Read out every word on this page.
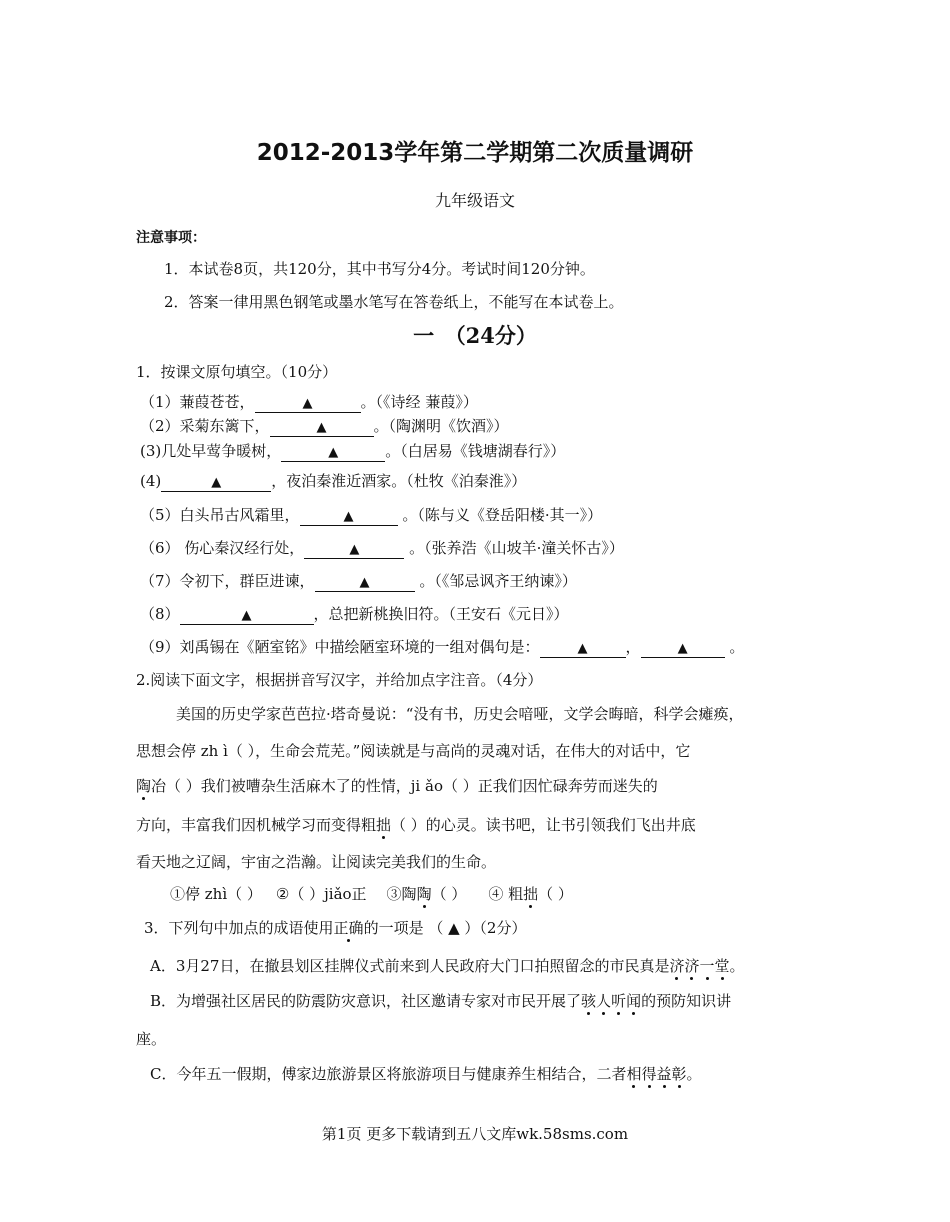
2012-2013学年第二学期第二次质量调研
九年级语文
注意事项：
1．本试卷8页，共120分，其中书写分4分。考试时间120分钟。
2．答案一律用黑色钢笔或墨水笔写在答卷纸上，不能写在本试卷上。
一　（24分）
1．按课文原句填空。（10分）
（1）蒹葭苍苍，	▲	。（《诗经 蒹葭》）
（2）采菊东篱下，	▲	。（陶渊明《饮酒》）
(3)几处早莺争暖树，	▲	。（白居易《钱塘湖春行》）
(4)	▲	，夜泊秦淮近酒家。（杜牧《泊秦淮》）
（5）白头吊古风霜里，	▲	。（陈与义《登岳阳楼·其一》）
（6） 伤心秦汉经行处，	▲	。（张养浩《山坡羊·潼关怀古》）
（7）令初下，群臣进谏，	▲	。（《邹忌讽齐王纳谏》）
（8）	▲	，总把新桃换旧符。（王安石《元日》）
（9）刘禹锡在《陋室铭》中描绘陋室环境的一组对偶句是：	▲	，	▲ 。
2.阅读下面文字，根据拼音写汉字，并给加点字注音。（4分）
美国的历史学家芭芭拉·塔奇曼说：“没有书，历史会喑哑，文学会晦暗，科学会瘫痪，
思想会停 zh ì（ ），生命会荒芜。”阅读就是与高尚的灵魂对话，在伟大的对话中，它
陶冶（ ）我们被嘈杂生活麻木了的性情，ji ǎo（ ）正我们因忙碌奔劳而迷失的
方向，丰富我们因机械学习而变得粗拙（ ）的心灵。读书吧，让书引领我们飞出井底
看天地之辽阔，宇宙之浩瀚。让阅读完美我们的生命。
①停 zhì（ ） ②（ ）jiǎo正 ③陶陶（ ） ④ 粗拙（ ）
3．下列句中加点的成语使用正确的一项是 （ ▲ ）（2分）
A．3月27日，在撤县划区挂牌仪式前来到人民政府大门口拍照留念的市民真是济济一堂。
B．为增强社区居民的防震防灾意识，社区邀请专家对市民开展了骇人听闻的预防知识讲
座。
C．今年五一假期，傅家边旅游景区将旅游项目与健康养生相结合，二者相得益彰。
第1页 更多下载请到五八文库wk.58sms.com
